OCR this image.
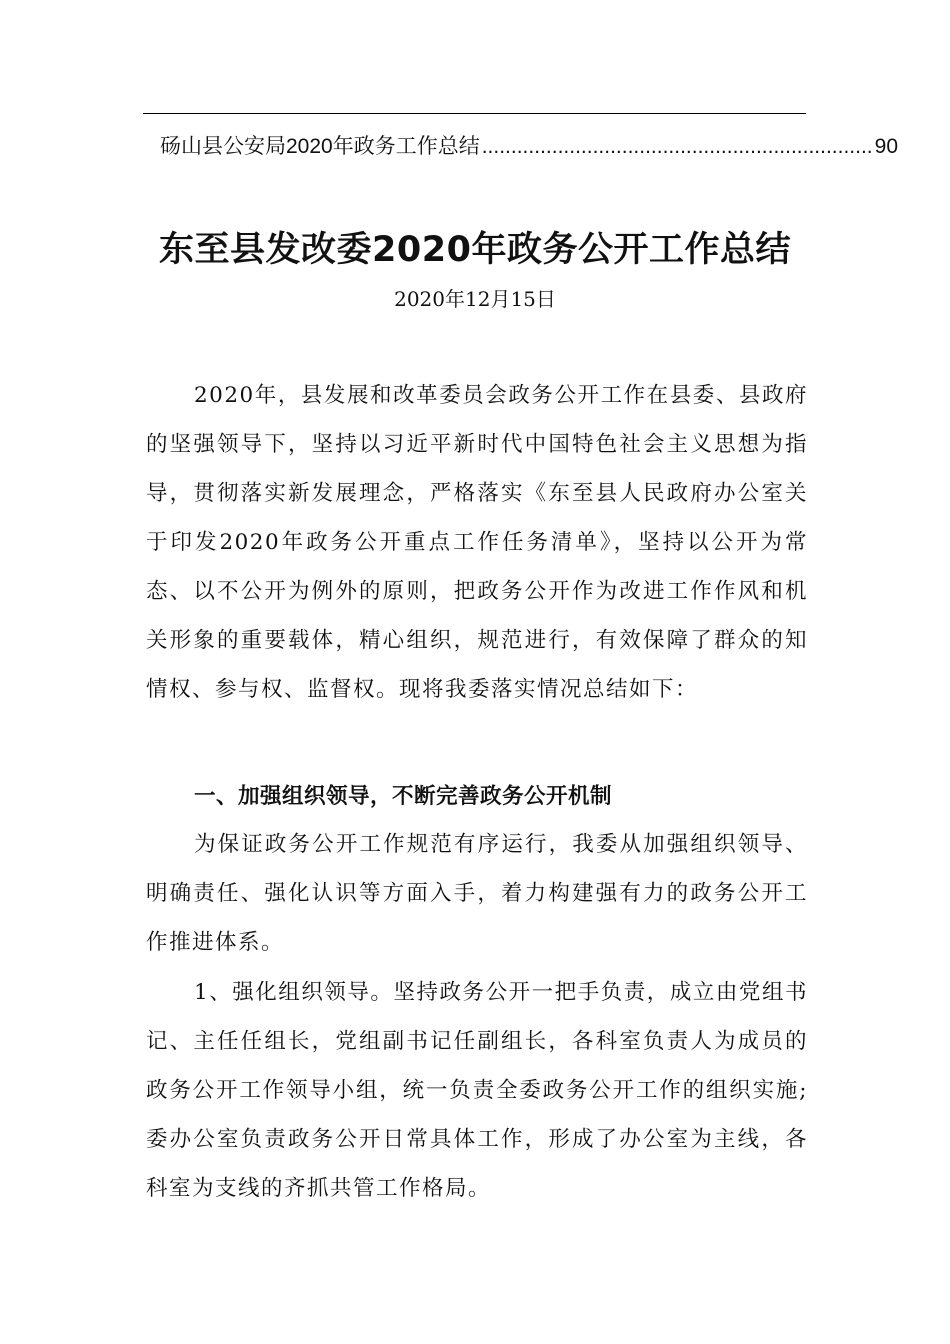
砀山县公安局2020年政务工作总结 ................................................................... 90
东至县发改委2020年政务公开工作总结
2020年12月15日
2020年，县发展和改革委员会政务公开工作在县委、县政府的坚强领导下，坚持以习近平新时代中国特色社会主义思想为指导，贯彻落实新发展理念，严格落实《东至县人民政府办公室关于印发2020年政务公开重点工作任务清单》，坚持以公开为常态、以不公开为例外的原则，把政务公开作为改进工作作风和机关形象的重要载体，精心组织，规范进行，有效保障了群众的知情权、参与权、监督权。现将我委落实情况总结如下：
一、加强组织领导，不断完善政务公开机制
为保证政务公开工作规范有序运行，我委从加强组织领导、明确责任、强化认识等方面入手，着力构建强有力的政务公开工作推进体系。
1、强化组织领导。坚持政务公开一把手负责，成立由党组书记、主任任组长，党组副书记任副组长，各科室负责人为成员的政务公开工作领导小组，统一负责全委政务公开工作的组织实施;委办公室负责政务公开日常具体工作，形成了办公室为主线，各科室为支线的齐抓共管工作格局。
